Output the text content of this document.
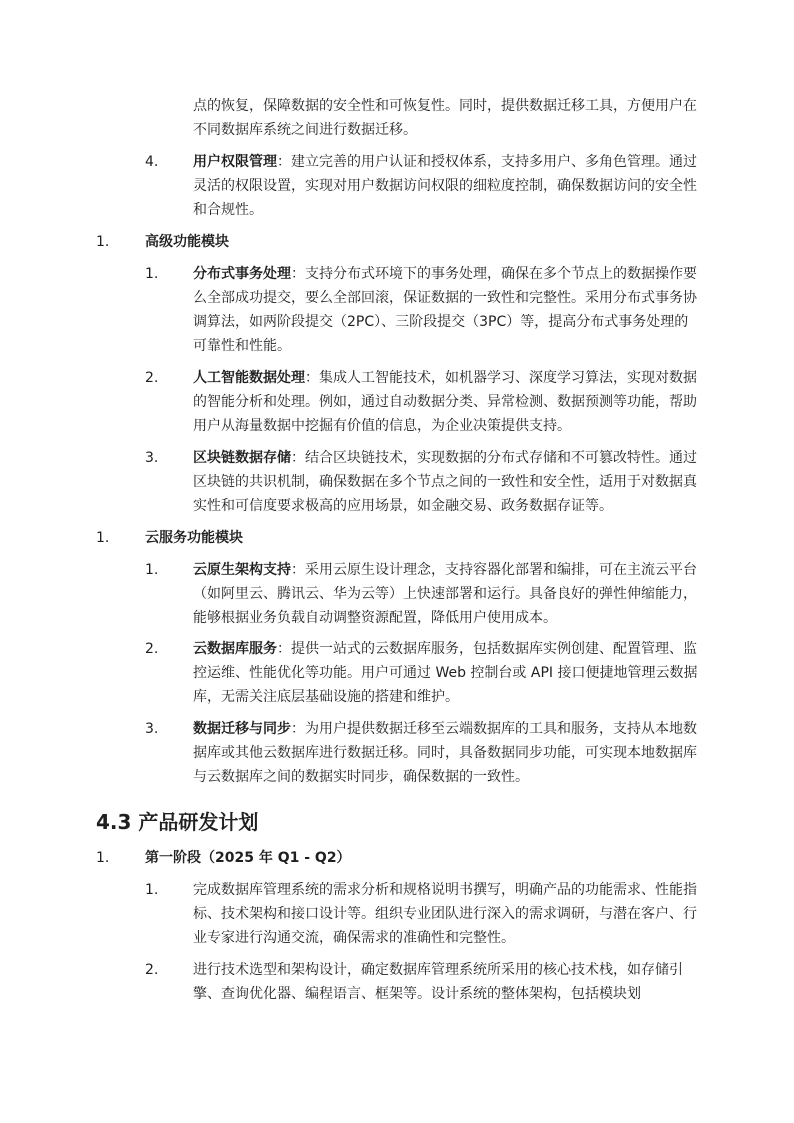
点的恢复，保障数据的安全性和可恢复性。同时，提供数据迁移工具，方便用户在不同数据库系统之间进行数据迁移。

4. 用户权限管理：建立完善的用户认证和授权体系，支持多用户、多角色管理。通过灵活的权限设置，实现对用户数据访问权限的细粒度控制，确保数据访问的安全性和合规性。

1.	高级功能模块

1. 分布式事务处理：支持分布式环境下的事务处理，确保在多个节点上的数据操作要么全部成功提交，要么全部回滚，保证数据的一致性和完整性。采用分布式事务协调算法，如两阶段提交（2PC）、三阶段提交（3PC）等，提高分布式事务处理的可靠性和性能。

2. 人工智能数据处理：集成人工智能技术，如机器学习、深度学习算法，实现对数据的智能分析和处理。例如，通过自动数据分类、异常检测、数据预测等功能，帮助用户从海量数据中挖掘有价值的信息，为企业决策提供支持。

3. 区块链数据存储：结合区块链技术，实现数据的分布式存储和不可篡改特性。通过区块链的共识机制，确保数据在多个节点之间的一致性和安全性，适用于对数据真实性和可信度要求极高的应用场景，如金融交易、政务数据存证等。

1.	云服务功能模块

1. 云原生架构支持：采用云原生设计理念，支持容器化部署和编排，可在主流云平台（如阿里云、腾讯云、华为云等）上快速部署和运行。具备良好的弹性伸缩能力，能够根据业务负载自动调整资源配置，降低用户使用成本。

2. 云数据库服务：提供一站式的云数据库服务，包括数据库实例创建、配置管理、监控运维、性能优化等功能。用户可通过 Web 控制台或 API 接口便捷地管理云数据库，无需关注底层基础设施的搭建和维护。

3. 数据迁移与同步：为用户提供数据迁移至云端数据库的工具和服务，支持从本地数据库或其他云数据库进行数据迁移。同时，具备数据同步功能，可实现本地数据库与云数据库之间的数据实时同步，确保数据的一致性。

4.3 产品研发计划

1.	第一阶段（2025 年 Q1 - Q2）

1. 完成数据库管理系统的需求分析和规格说明书撰写，明确产品的功能需求、性能指标、技术架构和接口设计等。组织专业团队进行深入的需求调研，与潜在客户、行业专家进行沟通交流，确保需求的准确性和完整性。

2. 进行技术选型和架构设计，确定数据库管理系统所采用的核心技术栈，如存储引擎、查询优化器、编程语言、框架等。设计系统的整体架构，包括模块划
